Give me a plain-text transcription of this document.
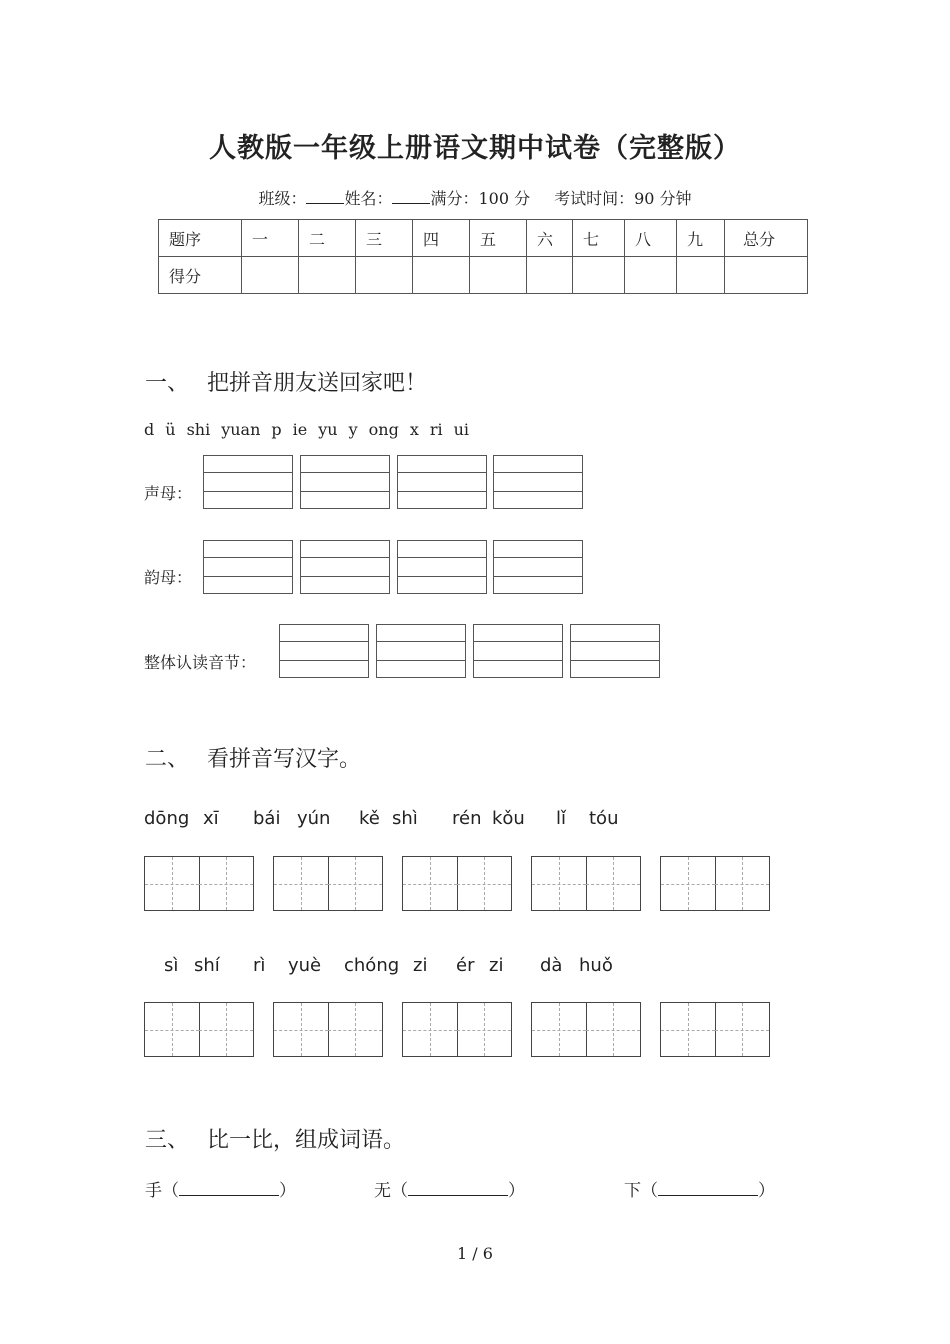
人教版一年级上册语文期中试卷（完整版）
班级： 姓名： 满分：100 分 考试时间：90 分钟
题序	一	二	三	四	五	六	七	八	九	总分
得分										
一、 把拼音朋友送回家吧！
d ü shi yuan p ie yu y ong x ri ui
声母：
韵母：
整体认读音节：
二、 看拼音写汉字。
dōng xī bái yún kě shì rén kǒu lǐ tóu
sì shí rì yuè chóng zi ér zi dà huǒ
三、 比一比，组成词语。
手（	）	无（	）	下（	）
1 / 6
